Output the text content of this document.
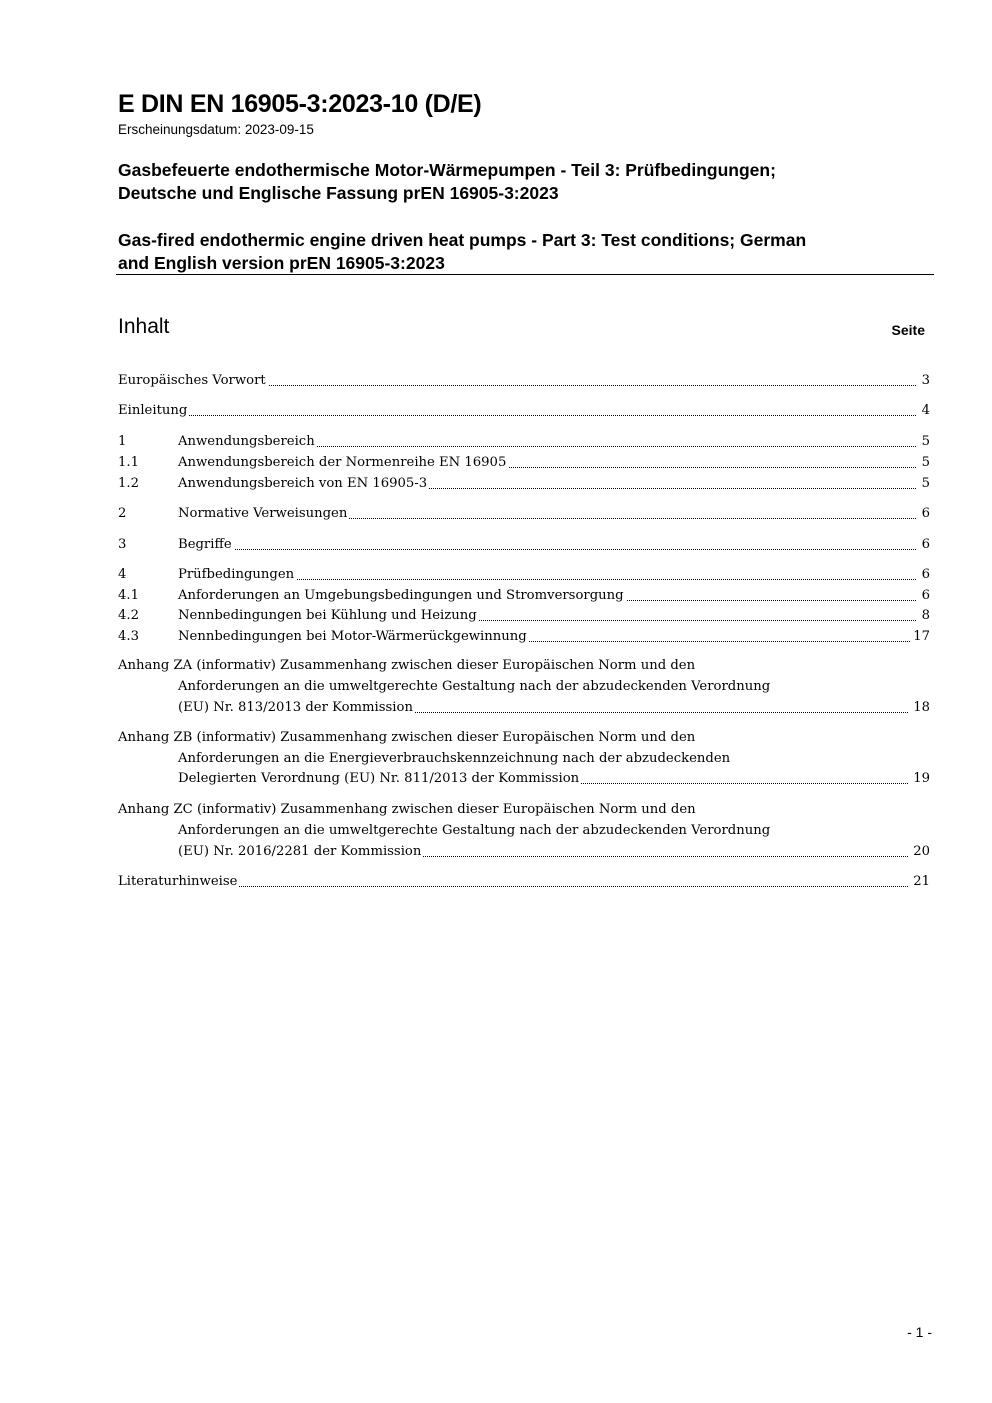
E DIN EN 16905-3:2023-10 (D/E)
Erscheinungsdatum: 2023-09-15
Gasbefeuerte endothermische Motor-Wärmepumpen - Teil 3: Prüfbedingungen;
Deutsche und Englische Fassung prEN 16905-3:2023
Gas-fired endothermic engine driven heat pumps - Part 3: Test conditions; German
and English version prEN 16905-3:2023
Inhalt	Seite
Europäisches Vorwort	3
Einleitung	4
1	Anwendungsbereich	5
1.1	Anwendungsbereich der Normenreihe EN 16905	5
1.2	Anwendungsbereich von EN 16905-3	5
2	Normative Verweisungen	6
3	Begriffe	6
4	Prüfbedingungen	6
4.1	Anforderungen an Umgebungsbedingungen und Stromversorgung	6
4.2	Nennbedingungen bei Kühlung und Heizung	8
4.3	Nennbedingungen bei Motor-Wärmerückgewinnung	17
Anhang ZA (informativ) Zusammenhang zwischen dieser Europäischen Norm und den
Anforderungen an die umweltgerechte Gestaltung nach der abzudeckenden Verordnung
(EU) Nr. 813/2013 der Kommission	18
Anhang ZB (informativ) Zusammenhang zwischen dieser Europäischen Norm und den
Anforderungen an die Energieverbrauchskennzeichnung nach der abzudeckenden
Delegierten Verordnung (EU) Nr. 811/2013 der Kommission	19
Anhang ZC (informativ) Zusammenhang zwischen dieser Europäischen Norm und den
Anforderungen an die umweltgerechte Gestaltung nach der abzudeckenden Verordnung
(EU) Nr. 2016/2281 der Kommission	20
Literaturhinweise	21
- 1 -
